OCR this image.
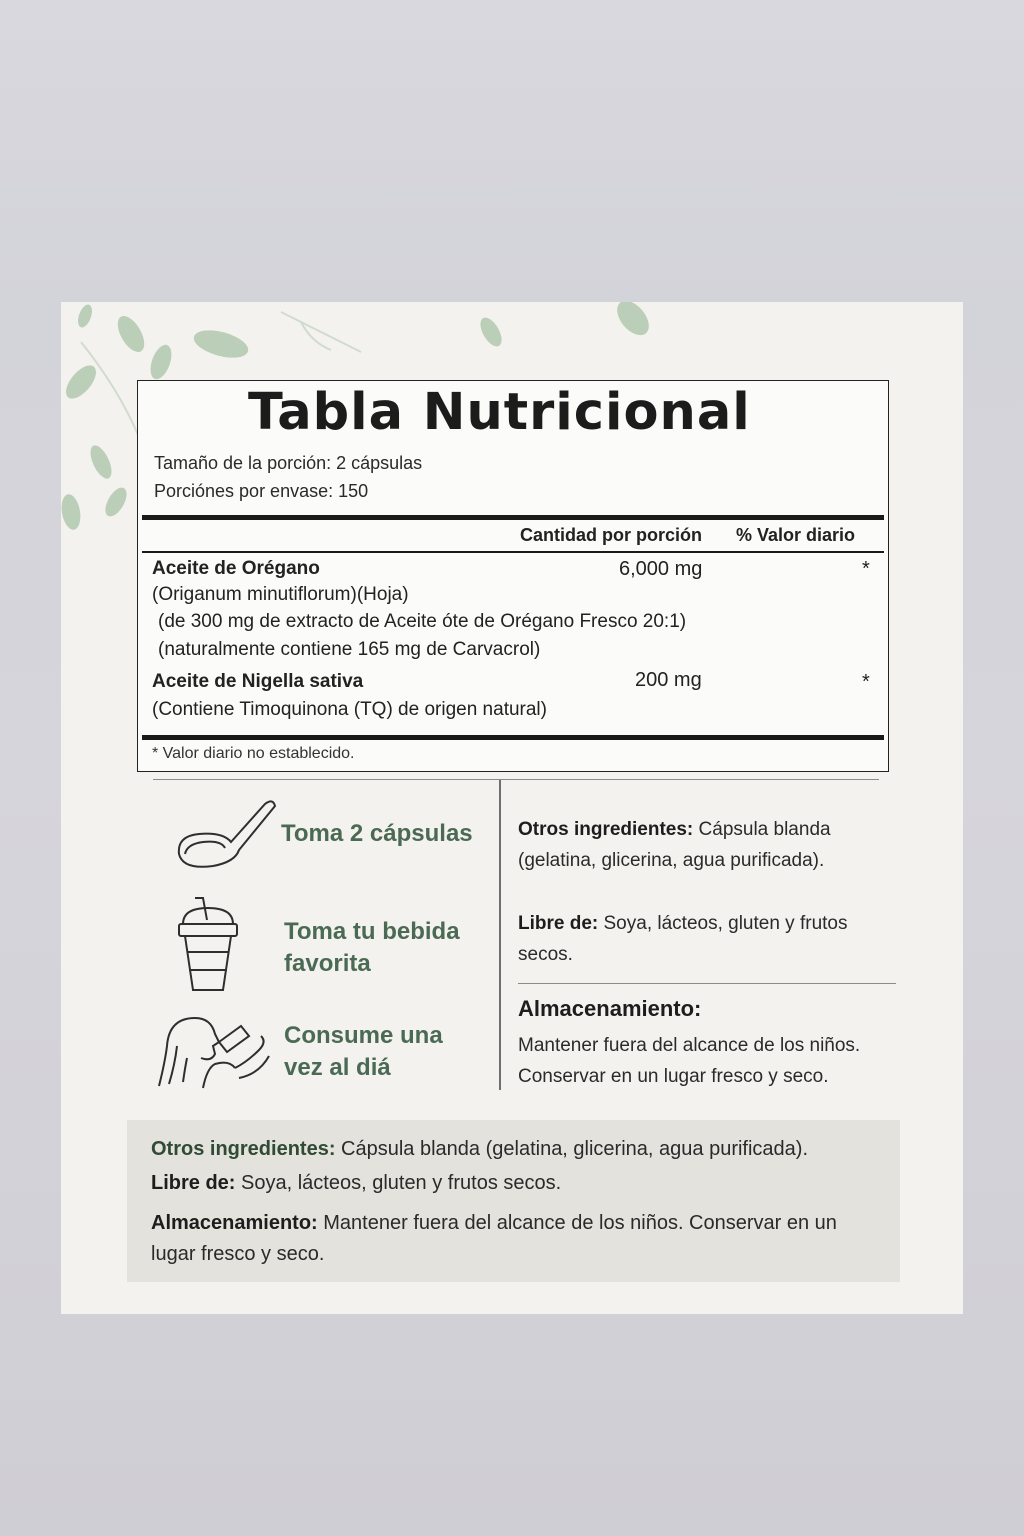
Tabla Nutricional
Tamaño de la porción: 2 cápsulas
Porciónes por envase: 150
Cantidad por porción % Valor diario
Aceite de Orégano	6,000 mg	*
(Origanum minutiflorum)(Hoja)
(de 300 mg de extracto de Aceite óte de Orégano Fresco 20:1)
(naturalmente contiene 165 mg de Carvacrol)
Aceite de Nigella sativa	200 mg	*
(Contiene Timoquinona (TQ) de origen natural)
* Valor diario no establecido.
Toma 2 cápsulas
Toma tu bebida
favorita
Consume una
vez al diá
Otros ingredientes: Cápsula blanda
(gelatina, glicerina, agua purificada).
Libre de: Soya, lácteos, gluten y frutos
secos.
Almacenamiento:
Mantener fuera del alcance de los niños.
Conservar en un lugar fresco y seco.
Otros ingredientes: Cápsula blanda (gelatina, glicerina, agua purificada).
Libre de: Soya, lácteos, gluten y frutos secos.
Almacenamiento: Mantener fuera del alcance de los niños. Conservar en un
lugar fresco y seco.
